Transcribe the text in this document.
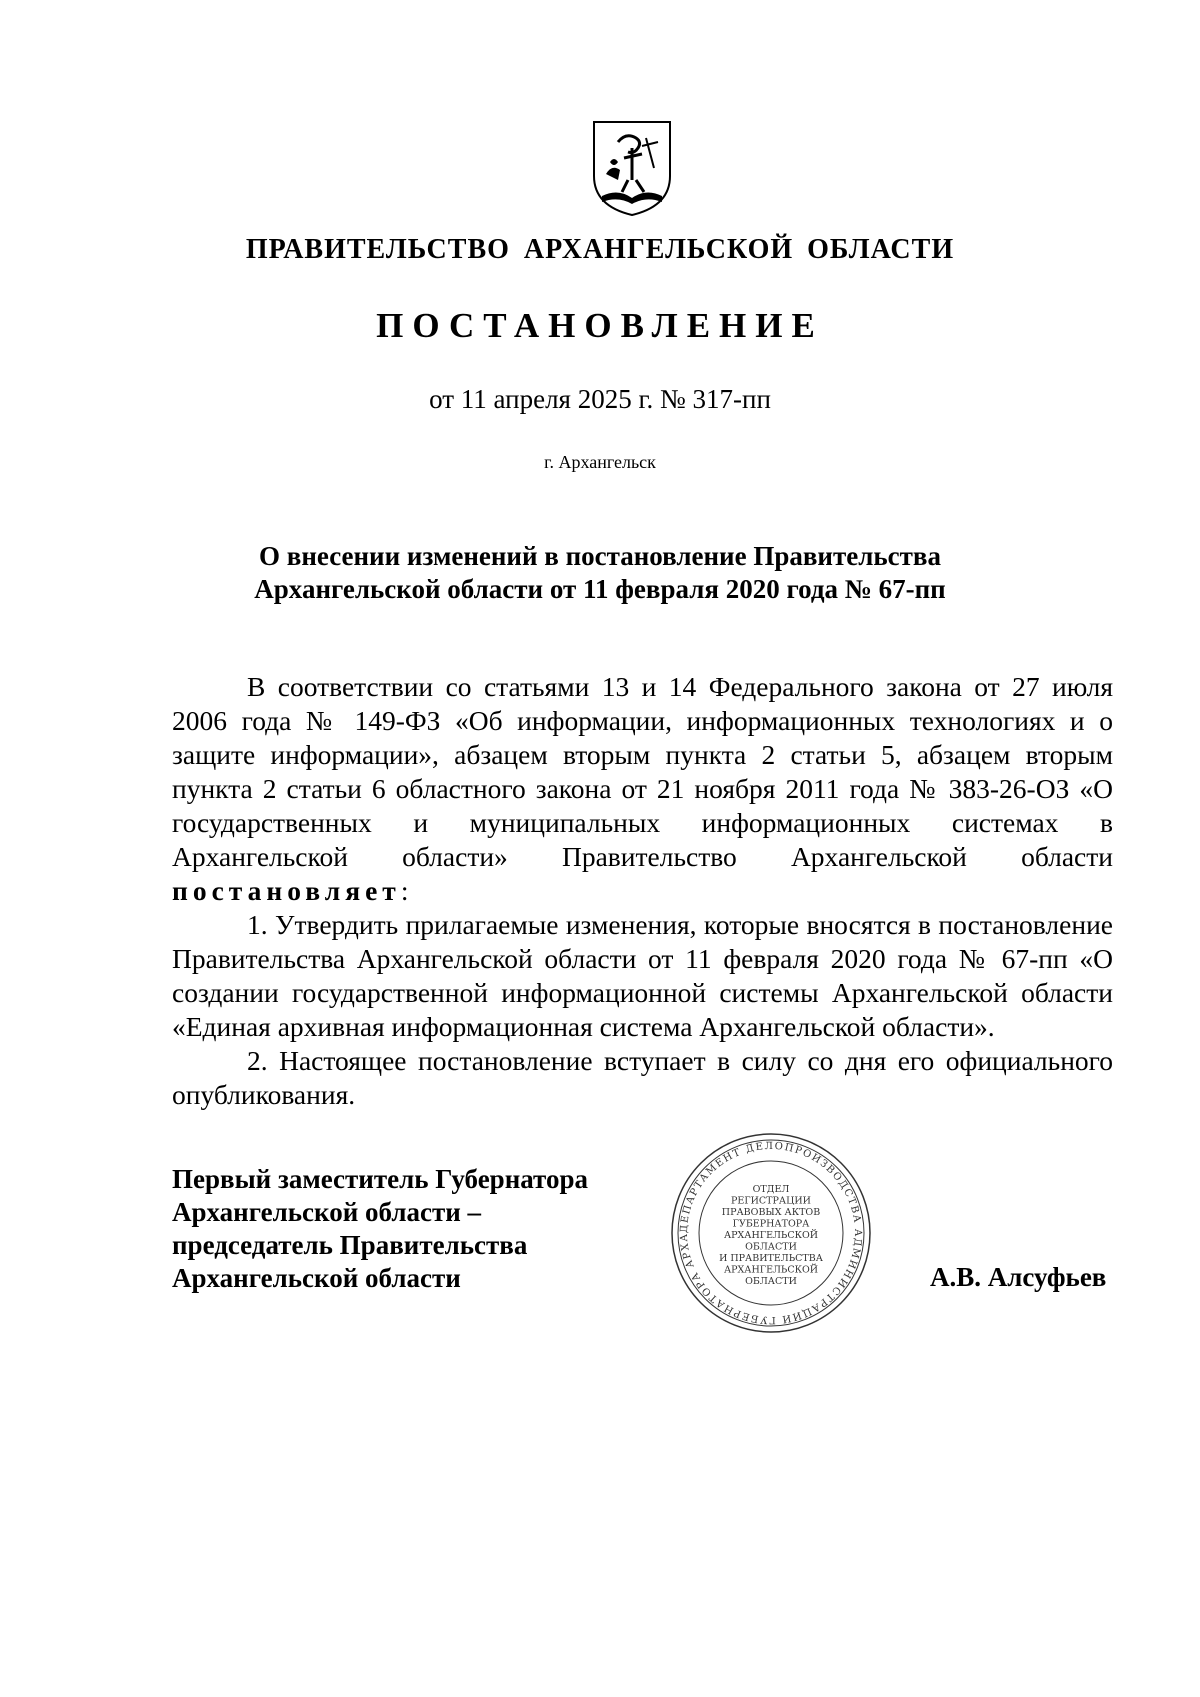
ПРАВИТЕЛЬСТВО АРХАНГЕЛЬСКОЙ ОБЛАСТИ
ПОСТАНОВЛЕНИЕ
от 11 апреля 2025 г. № 317-пп
г. Архангельск
О внесении изменений в постановление Правительства
Архангельской области от 11 февраля 2020 года № 67-пп

В соответствии со статьями 13 и 14 Федерального закона от 27 июля 2006 года № 149-ФЗ «Об информации, информационных технологиях и о защите информации», абзацем вторым пункта 2 статьи 5, абзацем вторым пункта 2 статьи 6 областного закона от 21 ноября 2011 года № 383-26-ОЗ «О государственных и муниципальных информационных системах в Архангельской области» Правительство Архангельской области постановляет:

1. Утвердить прилагаемые изменения, которые вносятся в постановление Правительства Архангельской области от 11 февраля 2020 года № 67-пп «О создании государственной информационной системы Архангельской области «Единая архивная информационная система Архангельской области».

2. Настоящее постановление вступает в силу со дня его официального опубликования.

Первый заместитель Губернатора
Архангельской области –
председатель Правительства
Архангельской области
ДЕПАРТАМЕНТ ДЕЛОПРОИЗВОДСТВА АДМИНИСТРАЦИИ ГУБЕРНАТОРА АРХА
ОТДЕЛ
РЕГИСТРАЦИИ
ПРАВОВЫХ АКТОВ
ГУБЕРНАТОРА
АРХАНГЕЛЬСКОЙ
ОБЛАСТИ
И ПРАВИТЕЛЬСТВА
АРХАНГЕЛЬСКОЙ
ОБЛАСТИ	А.В. Алсуфьев
